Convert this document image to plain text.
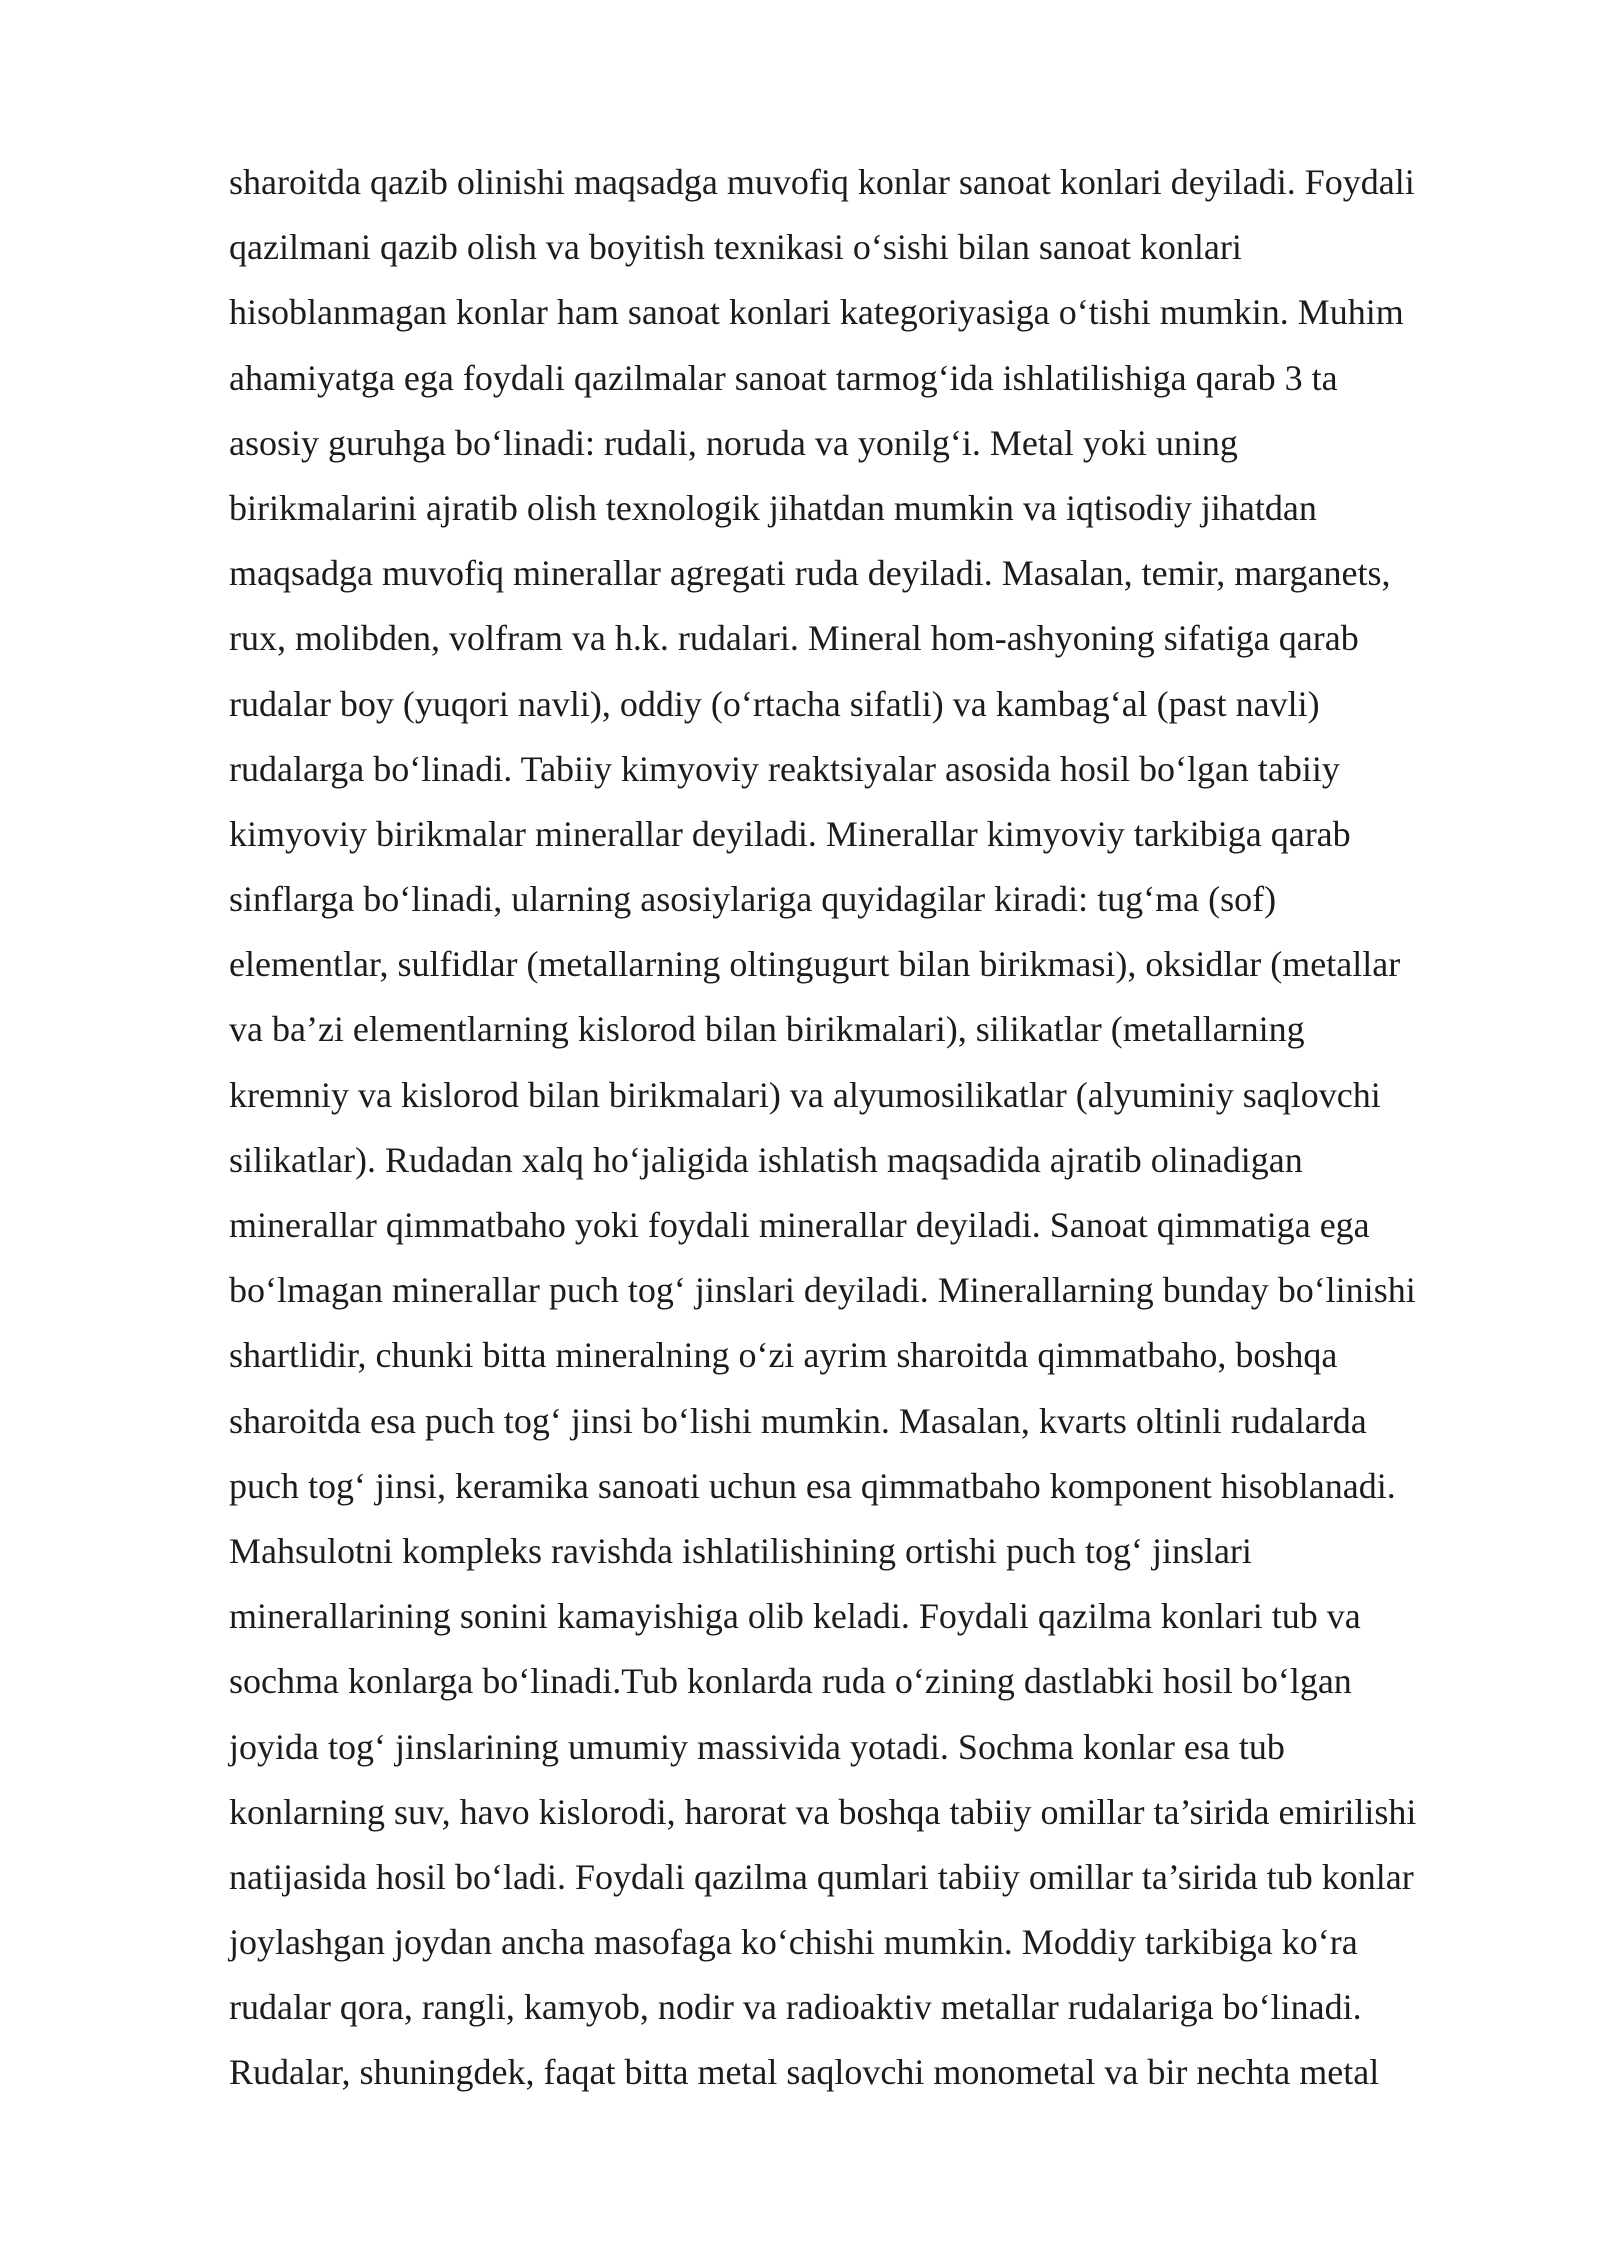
sharoitda qazib olinishi maqsadga muvofiq konlar sanoat konlari deyiladi. Foydali
qazilmani qazib olish va boyitish texnikasi o‘sishi bilan sanoat konlari
hisoblanmagan konlar ham sanoat konlari kategoriyasiga o‘tishi mumkin. Muhim
ahamiyatga ega foydali qazilmalar sanoat tarmog‘ida ishlatilishiga qarab 3 ta
asosiy guruhga bo‘linadi: rudali, noruda va yonilg‘i. Metal yoki uning
birikmalarini ajratib olish texnologik jihatdan mumkin va iqtisodiy jihatdan
maqsadga muvofiq minerallar agregati ruda deyiladi. Masalan, temir, marganets,
rux, molibden, volfram va h.k. rudalari. Mineral hom-ashyoning sifatiga qarab
rudalar boy (yuqori navli), oddiy (o‘rtacha sifatli) va kambag‘al (past navli)
rudalarga bo‘linadi. Tabiiy kimyoviy reaktsiyalar asosida hosil bo‘lgan tabiiy
kimyoviy birikmalar minerallar deyiladi. Minerallar kimyoviy tarkibiga qarab
sinflarga bo‘linadi, ularning asosiylariga quyidagilar kiradi: tug‘ma (sof)
elementlar, sulfidlar (metallarning oltingugurt bilan birikmasi), oksidlar (metallar
va ba’zi elementlarning kislorod bilan birikmalari), silikatlar (metallarning
kremniy va kislorod bilan birikmalari) va alyumosilikatlar (alyuminiy saqlovchi
silikatlar). Rudadan xalq ho‘jaligida ishlatish maqsadida ajratib olinadigan
minerallar qimmatbaho yoki foydali minerallar deyiladi. Sanoat qimmatiga ega
bo‘lmagan minerallar puch tog‘ jinslari deyiladi. Minerallarning bunday bo‘linishi
shartlidir, chunki bitta mineralning o‘zi ayrim sharoitda qimmatbaho, boshqa
sharoitda esa puch tog‘ jinsi bo‘lishi mumkin. Masalan, kvarts oltinli rudalarda
puch tog‘ jinsi, keramika sanoati uchun esa qimmatbaho komponent hisoblanadi.
Mahsulotni kompleks ravishda ishlatilishining ortishi puch tog‘ jinslari
minerallarining sonini kamayishiga olib keladi. Foydali qazilma konlari tub va
sochma konlarga bo‘linadi.Tub konlarda ruda o‘zining dastlabki hosil bo‘lgan
joyida tog‘ jinslarining umumiy massivida yotadi. Sochma konlar esa tub
konlarning suv, havo kislorodi, harorat va boshqa tabiiy omillar ta’sirida emirilishi
natijasida hosil bo‘ladi. Foydali qazilma qumlari tabiiy omillar ta’sirida tub konlar
joylashgan joydan ancha masofaga ko‘chishi mumkin. Moddiy tarkibiga ko‘ra
rudalar qora, rangli, kamyob, nodir va radioaktiv metallar rudalariga bo‘linadi.
Rudalar, shuningdek, faqat bitta metal saqlovchi monometal va bir nechta metal
